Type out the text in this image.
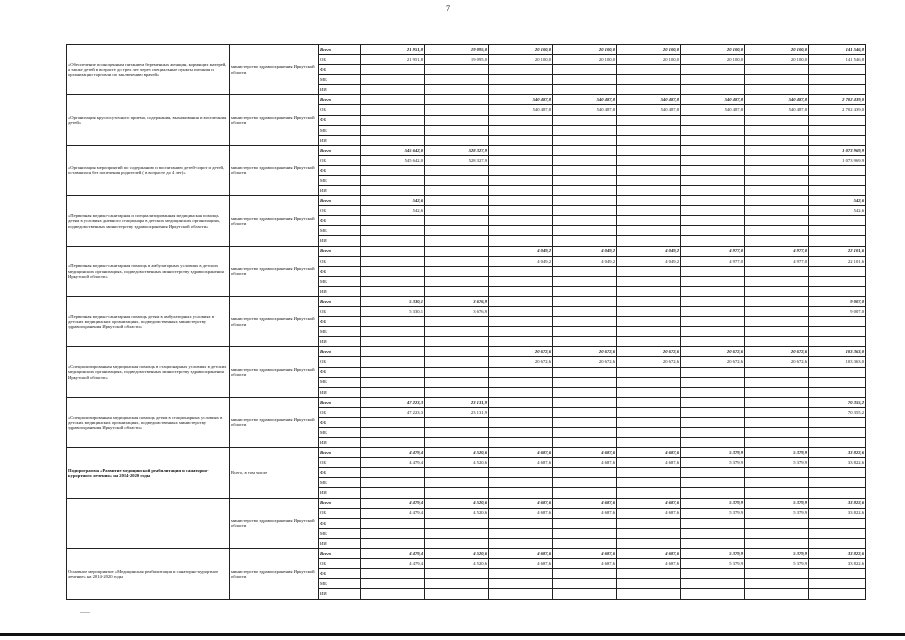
7
«Обеспечение полноценным питанием беременных женщин, кормящих матерей, а также детей в возрасте до трех лет через специальные пункты питания и организации торговли по заключению врачей»	министерство здравоохранения Иркутской области	Всего	21 951,8	19 095,0	20 100,0	20 100,0	20 100,0	20 100,0	20 100,0	141 546,8
		ОБ	21 951,8	19 095,0	20 100,0	20 100,0	20 100,0	20 100,0	20 100,0	141 546,8
		ФБ								
		МБ								
		ИИ								
«Организация круглосуточного приема, содержания, выхаживания и воспитания детей»	министерство здравоохранения Иркутской области	Всего			540 487,8	540 487,8	540 487,8	540 487,8	540 487,8	2 702 439,0
		ОБ			540 487,8	540 487,8	540 487,8	540 487,8	540 487,8	2 702 439,0
		ФБ								
		МБ								
		ИИ								
«Организация мероприятий по содержанию и воспитанию детей-сирот и детей, оставшихся без попечения родителей ( в возрасте до 4 лет)»	министерство здравоохранения Иркутской области	Всего	545 642,0	528 327,9						1 073 969,9
		ОБ	545 642,0	528 327,9						1 073 969,9
		ФБ								
		МБ								
		ИИ								
«Первичная медико-санитарная и специализированная медицинская помощь детям в условиях дневного стационара в детских медицинских организациях, подведомственных министерству здравоохранения Иркутской области»	министерство здравоохранения Иркутской области	Всего	542,6							542,6
		ОБ	542,6							542,6
		ФБ								
		МБ								
		ИИ								
«Первичная медико-санитарная помощь в амбулаторных условиях в детских медицинских организациях, подведомственных министерству здравоохранения Иркутской области»	министерство здравоохранения Иркутской области	Всего			4 049,2	4 049,2	4 049,2	4 977,0	4 977,0	22 101,6
		ОБ			4 049,2	4 049,2	4 049,2	4 977,0	4 977,0	22 101,6
		ФБ								
		МБ								
		ИИ								
«Первичная медико-санитарная помощь детям в амбулаторных условиях в детских медицинских организациях, подведомственных министерству здравоохранения Иркутской области»	министерство здравоохранения Иркутской области	Всего	5 330,1	3 676,9						9 007,0
		ОБ	5 330,1	3 676,9						9 007,0
		ФБ								
		МБ								
		ИИ								
«Специализированная медицинская помощь в стационарных условиях в детских медицинских организациях, подведомственных министерству здравоохранения Иркутской области»	министерство здравоохранения Иркутской области	Всего			20 672,6	20 672,6	20 672,6	20 672,6	20 672,6	103 363,0
		ОБ			20 672,6	20 672,6	20 672,6	20 672,6	20 672,6	103 363,0
		ФБ								
		МБ								
		ИИ								
«Специализированная медицинская помощь детям в стационарных условиях в детских медицинских организациях, подведомственных министерству здравоохранения Иркутской области»	министерство здравоохранения Иркутской области	Всего	47 223,3	23 131,9						70 355,2
		ОБ	47 223,3	23 131,9						70 355,2
		ФБ								
		МБ								
		ИИ								
Подпрограмма «Развитие медицинской реабилитации и санаторно-курортного лечения» на 2014-2020 годы	Всего, в том числе	Всего	4 479,4	4 520,6	4 687,6	4 687,6	4 687,6	5 379,9	5 379,9	33 822,6
		ОБ	4 479,4	4 520,6	4 687,6	4 687,6	4 687,6	5 379,9	5 379,9	33 822,6
		ФБ								
		МБ								
		ИИ								
	министерство здравоохранения Иркутской области	Всего	4 479,4	4 520,6	4 687,6	4 687,6	4 687,6	5 379,9	5 379,9	33 822,6
		ОБ	4 479,4	4 520,6	4 687,6	4 687,6	4 687,6	5 379,9	5 379,9	33 822,6
		ФБ								
		МБ								
		ИИ								
Основное мероприятие «Медицинская реабилитация и санаторно-курортное лечение» на 2014-2020 годы	министерство здравоохранения Иркутской области	Всего	4 479,4	4 520,6	4 687,6	4 687,6	4 687,6	5 379,9	5 379,9	33 822,6
		ОБ	4 479,4	4 520,6	4 687,6	4 687,6	4 687,6	5 379,9	5 379,9	33 822,6
		ФБ								
		МБ								
		ИИ								
